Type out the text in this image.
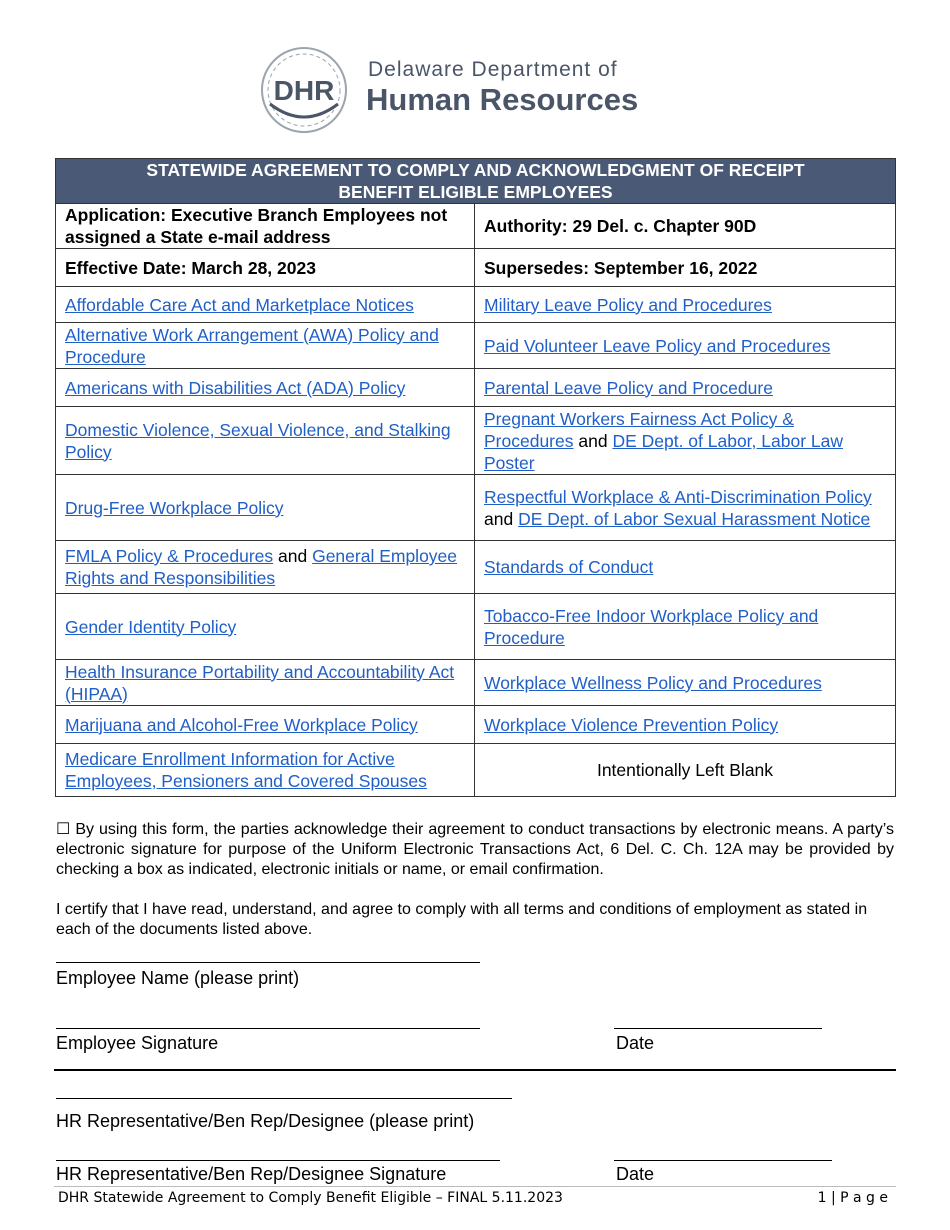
DHR
Delaware Department of
Human Resources
STATEWIDE AGREEMENT TO COMPLY AND ACKNOWLEDGMENT OF RECEIPT
BENEFIT ELIGIBLE EMPLOYEES	

Application: Executive Branch Employees not assigned a State e-mail address	Authority: 29 Del. c. Chapter 90D
Effective Date: March 28, 2023	Supersedes: September 16, 2022
Affordable Care Act and Marketplace Notices	Military Leave Policy and Procedures
Alternative Work Arrangement (AWA) Policy and Procedure	Paid Volunteer Leave Policy and Procedures
Americans with Disabilities Act (ADA) Policy	Parental Leave Policy and Procedure
Domestic Violence, Sexual Violence, and Stalking Policy	Pregnant Workers Fairness Act Policy & Procedures and DE Dept. of Labor, Labor Law Poster
Drug-Free Workplace Policy	Respectful Workplace & Anti-Discrimination Policy and DE Dept. of Labor Sexual Harassment Notice
FMLA Policy & Procedures and General Employee Rights and Responsibilities	Standards of Conduct
Gender Identity Policy	Tobacco-Free Indoor Workplace Policy and Procedure
Health Insurance Portability and Accountability Act (HIPAA)	Workplace Wellness Policy and Procedures
Marijuana and Alcohol-Free Workplace Policy	Workplace Violence Prevention Policy
Medicare Enrollment Information for Active Employees, Pensioners and Covered Spouses	Intentionally Left Blank
☐ By using this form, the parties acknowledge their agreement to conduct transactions by electronic means. A party’s electronic signature for purpose of the Uniform Electronic Transactions Act, 6 Del. C. Ch. 12A may be provided by checking a box as indicated, electronic initials or name, or email confirmation.
I certify that I have read, understand, and agree to comply with all terms and conditions of employment as stated in each of the documents listed above.
Employee Name (please print)
Employee Signature	Date
HR Representative/Ben Rep/Designee (please print)
HR Representative/Ben Rep/Designee Signature	Date
DHR Statewide Agreement to Comply Benefit Eligible – FINAL 5.11.2023	1 | P a g e
